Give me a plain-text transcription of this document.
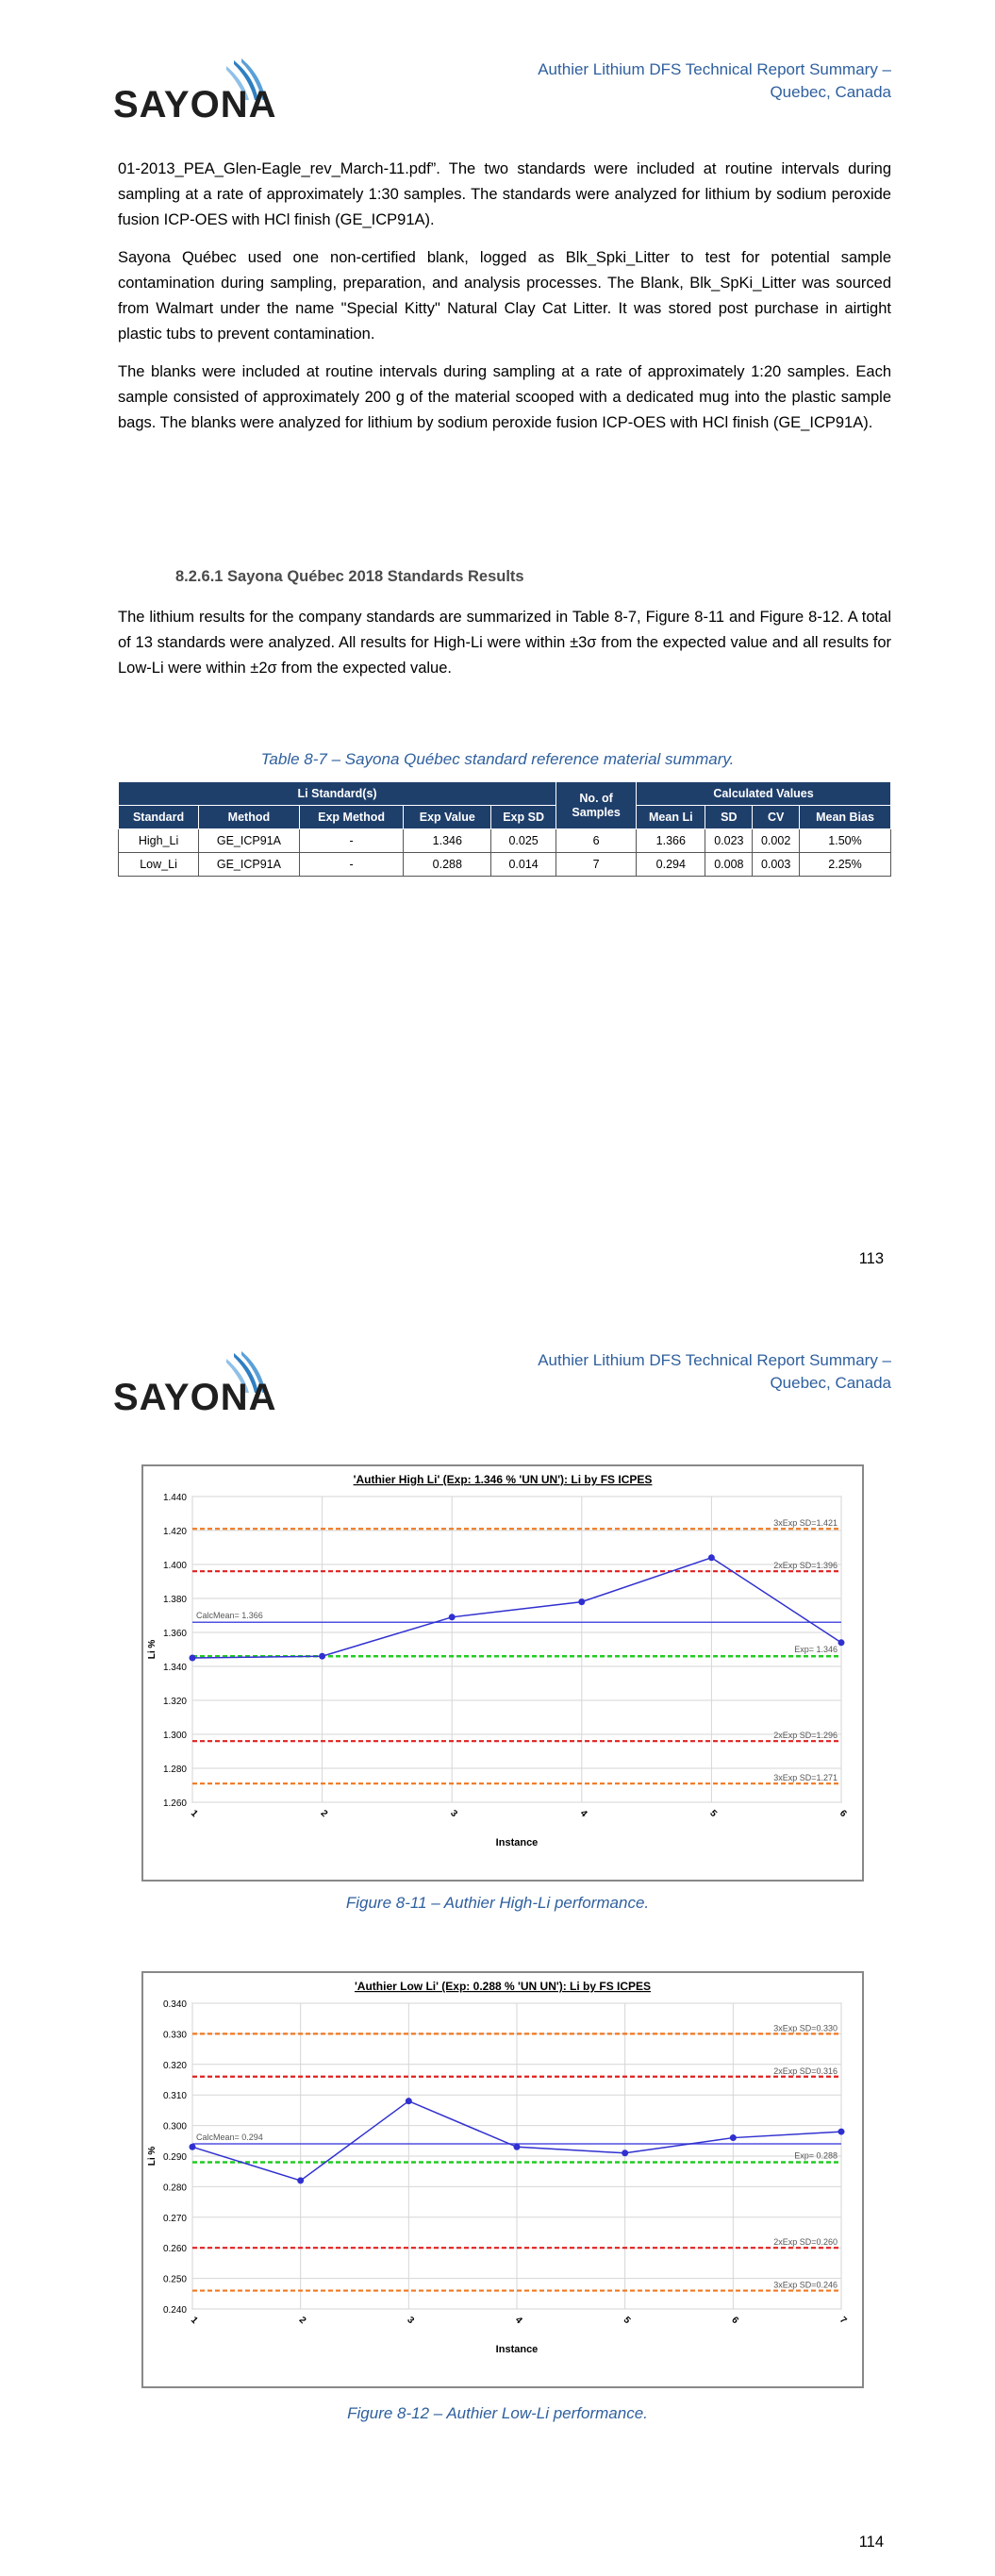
SAYONA
Authier Lithium DFS Technical Report Summary –
Quebec, Canada

01-2013_PEA_Glen-Eagle_rev_March-11.pdf”. The two standards were included at routine intervals during sampling at a rate of approximately 1:30 samples. The standards were analyzed for lithium by sodium peroxide fusion ICP-OES with HCl finish (GE_ICP91A).

Sayona Québec used one non-certified blank, logged as Blk_Spki_Litter to test for potential sample contamination during sampling, preparation, and analysis processes. The Blank, Blk_SpKi_Litter was sourced from Walmart under the name "Special Kitty" Natural Clay Cat Litter. It was stored post purchase in airtight plastic tubs to prevent contamination.

The blanks were included at routine intervals during sampling at a rate of approximately 1:20 samples. Each sample consisted of approximately 200 g of the material scooped with a dedicated mug into the plastic sample bags. The blanks were analyzed for lithium by sodium peroxide fusion ICP-OES with HCl finish (GE_ICP91A).

8.2.6.1 Sayona Québec 2018 Standards Results

The lithium results for the company standards are summarized in Table 8-7, Figure 8-11 and Figure 8-12. A total of 13 standards were analyzed. All results for High-Li were within ±3σ from the expected value and all results for Low-Li were within ±2σ from the expected value.

Table 8-7 – Sayona Québec standard reference material summary.
Li Standard(s)					No. of Samples	Calculated Values			
Standard	Method	Exp Method	Exp Value	Exp SD		Mean Li	SD	CV	Mean Bias
High_Li	GE_ICP91A	-	1.346	0.025	6	1.366	0.023	0.002	1.50%
Low_Li	GE_ICP91A	-	0.288	0.014	7	0.294	0.008	0.003	2.25%
113
SAYONA
Authier Lithium DFS Technical Report Summary –
Quebec, Canada
'Authier High Li' (Exp: 1.346 % 'UN UN'): Li by FS ICPES
1.440
1.420
1.400
1.380
1.360
1.340
1.320
1.300
1.280
1.260
1	2	3	4	5	6
3xExp SD=1.421
2xExp SD=1.396
CalcMean= 1.366
Exp= 1.346
2xExp SD=1.296
3xExp SD=1.271
Instance
Li %
Figure 8-11 – Authier High-Li performance.
'Authier Low Li' (Exp: 0.288 % 'UN UN'): Li by FS ICPES
0.340
0.330
0.320
0.310
0.300
0.290
0.280
0.270
0.260
0.250
0.240
1	2	3	4	5	6	7
3xExp SD=0.330
2xExp SD=0.316
CalcMean= 0.294
Exp= 0.288
2xExp SD=0.260
3xExp SD=0.246
Instance
Li %
Figure 8-12 – Authier Low-Li performance.
114
